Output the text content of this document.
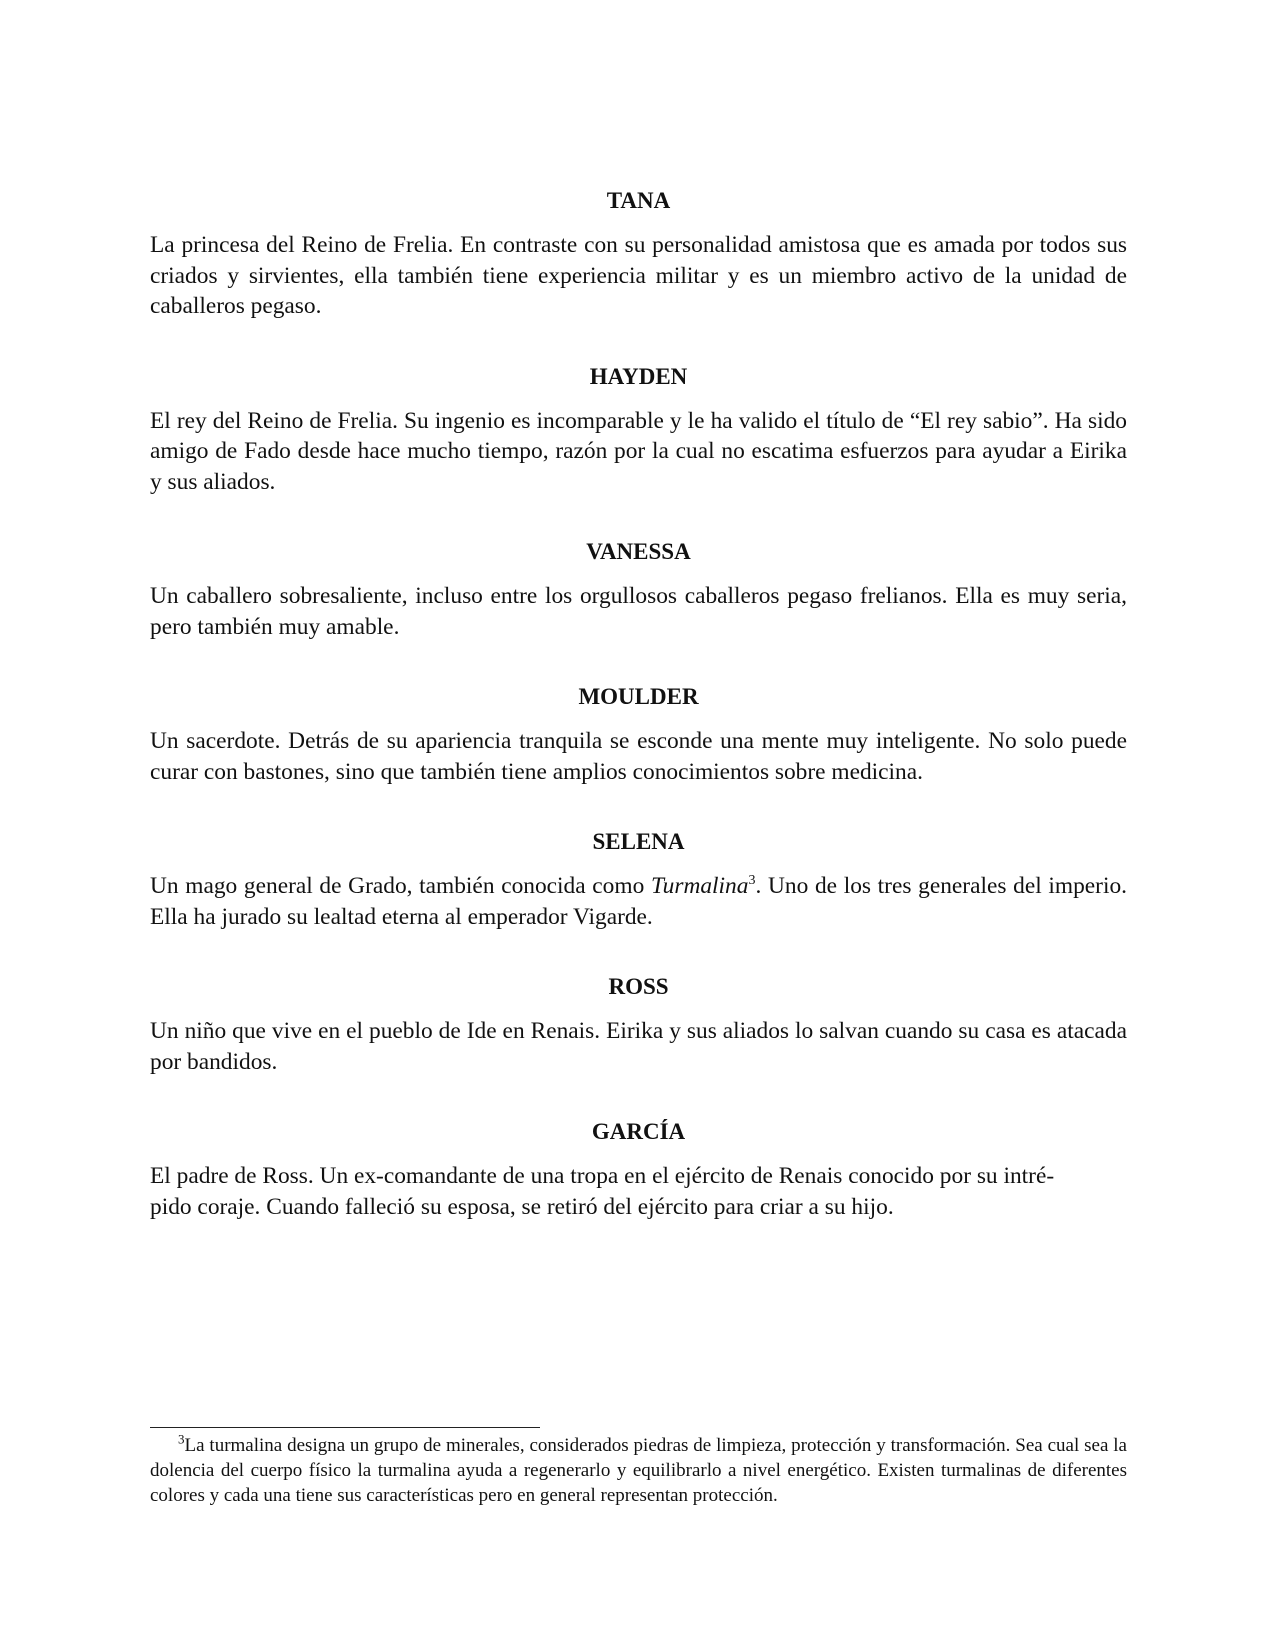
TANA

La princesa del Reino de Frelia. En contraste con su personalidad amistosa que es amada por todos sus criados y sirvientes, ella también tiene experiencia militar y es un miembro activo de la unidad de caballeros pegaso.

HAYDEN

El rey del Reino de Frelia. Su ingenio es incomparable y le ha valido el título de “El rey sabio”. Ha sido amigo de Fado desde hace mucho tiempo, razón por la cual no escatima esfuerzos para ayudar a Eirika y sus aliados.

VANESSA

Un caballero sobresaliente, incluso entre los orgullosos caballeros pegaso frelianos. Ella es muy seria, pero también muy amable.

MOULDER

Un sacerdote. Detrás de su apariencia tranquila se esconde una mente muy inteligente. No solo puede curar con bastones, sino que también tiene amplios conocimientos sobre medicina.

SELENA

Un mago general de Grado, también conocida como Turmalina$^3$. Uno de los tres generales del imperio. Ella ha jurado su lealtad eterna al emperador Vigarde.

ROSS

Un niño que vive en el pueblo de Ide en Renais. Eirika y sus aliados lo salvan cuando su casa es atacada por bandidos.

GARCÍA

El padre de Ross. Un ex-comandante de una tropa en el ejército de Renais conocido por su intré-
pido coraje. Cuando falleció su esposa, se retiró del ejército para criar a su hijo.

$^3$La turmalina designa un grupo de minerales, considerados piedras de limpieza, protección y transformación. Sea cual sea la dolencia del cuerpo físico la turmalina ayuda a regenerarlo y equilibrarlo a nivel energético. Existen turmalinas de diferentes colores y cada una tiene sus características pero en general representan protección.
